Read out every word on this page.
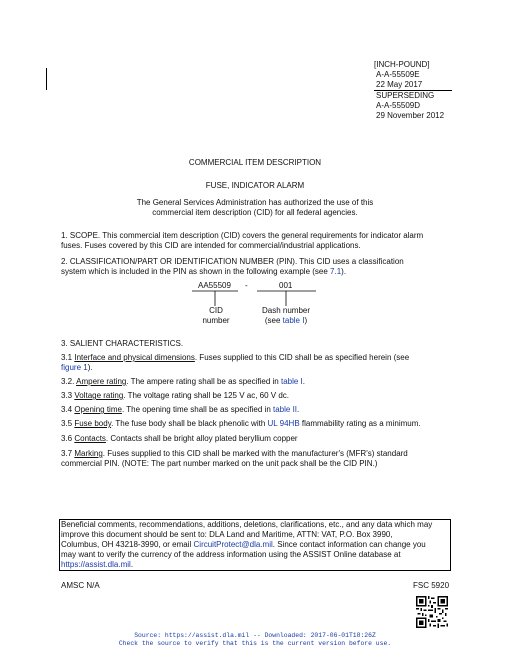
[INCH-POUND]
A-A-55509E
22 May 2017
SUPERSEDING
A-A-55509D
29 November 2012
COMMERCIAL ITEM DESCRIPTION
FUSE, INDICATOR ALARM
The General Services Administration has authorized the use of this
commercial item description (CID) for all federal agencies.
1. SCOPE. This commercial item description (CID) covers the general requirements for indicator alarm
fuses. Fuses covered by this CID are intended for commercial/industrial applications.
2. CLASSIFICATION/PART OR IDENTIFICATION NUMBER (PIN). This CID uses a classification
system which is included in the PIN as shown in the following example (see 7.1).
AA55509 -	001
CID
number
Dash number
(see table I)
3. SALIENT CHARACTERISTICS.
3.1 Interface and physical dimensions. Fuses supplied to this CID shall be as specified herein (see
figure 1).
3.2. Ampere rating. The ampere rating shall be as specified in table I.
3.3 Voltage rating. The voltage rating shall be 125 V ac, 60 V dc.
3.4 Opening time. The opening time shall be as specified in table II.
3.5 Fuse body. The fuse body shall be black phenolic with UL 94HB flammability rating as a minimum.
3.6 Contacts. Contacts shall be bright alloy plated beryllium copper
3.7 Marking. Fuses supplied to this CID shall be marked with the manufacturer's (MFR's) standard
commercial PIN. (NOTE: The part number marked on the unit pack shall be the CID PIN.)
Beneficial comments, recommendations, additions, deletions, clarifications, etc., and any data which may
improve this document should be sent to: DLA Land and Maritime, ATTN: VAT, P.O. Box 3990,
Columbus, OH 43218-3990, or email CircuitProtect@dla.mil. Since contact information can change you
may want to verify the currency of the address information using the ASSIST Online database at
https://assist.dla.mil.
AMSC N/A	FSC 5920
Source: https://assist.dla.mil -- Downloaded: 2017-06-01T18:26Z
Check the source to verify that this is the current version before use.
